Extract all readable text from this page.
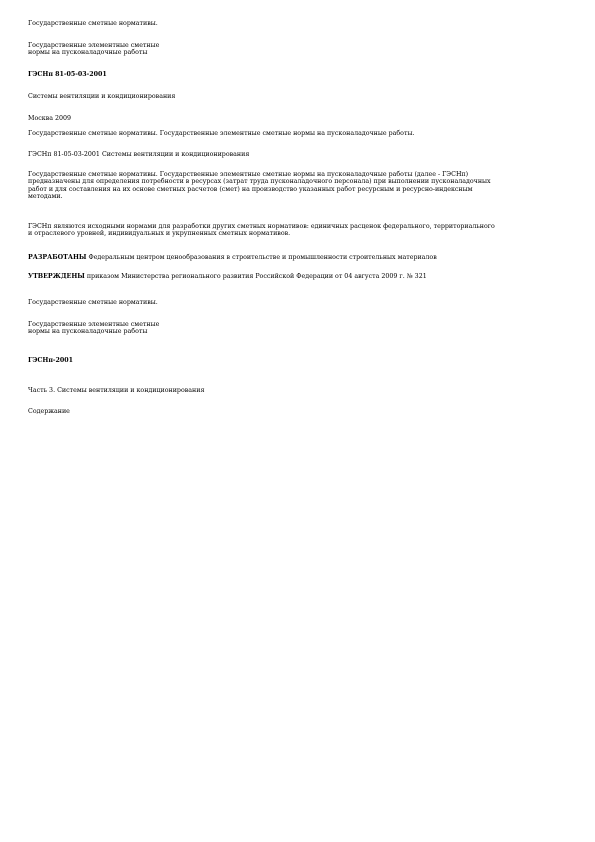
Государственные сметные нормативы.

Государственные элементные сметные
нормы на пусконаладочные работы

ГЭСНп 81-05-03-2001

Системы вентиляции и кондиционирования

Москва 2009

Государственные сметные нормативы. Государственные элементные сметные нормы на пусконаладочные работы.

ГЭСНп 81-05-03-2001 Системы вентиляции и кондиционирования

Государственные сметные нормативы. Государственные элементные сметные нормы на пусконаладочные работы (далее - ГЭСНп)
предназначены для определения потребности в ресурсах (затрат труда пусконаладочного персонала) при выполнении пусконаладочных
работ и для составления на их основе сметных расчетов (смет) на производство указанных работ ресурсным и ресурсно-индексным
методами.

ГЭСНп являются исходными нормами для разработки других сметных нормативов: единичных расценок федерального, территориального
и отраслевого уровней, индивидуальных и укрупненных сметных нормативов.

РАЗРАБОТАНЫ Федеральным центром ценообразования в строительстве и промышленности строительных материалов

УТВЕРЖДЕНЫ приказом Министерства регионального развития Российской Федерации от 04 августа 2009 г. № 321

Государственные сметные нормативы.

Государственные элементные сметные
нормы на пусконаладочные работы

ГЭСНп-2001

Часть 3. Системы вентиляции и кондиционирования

Содержание
